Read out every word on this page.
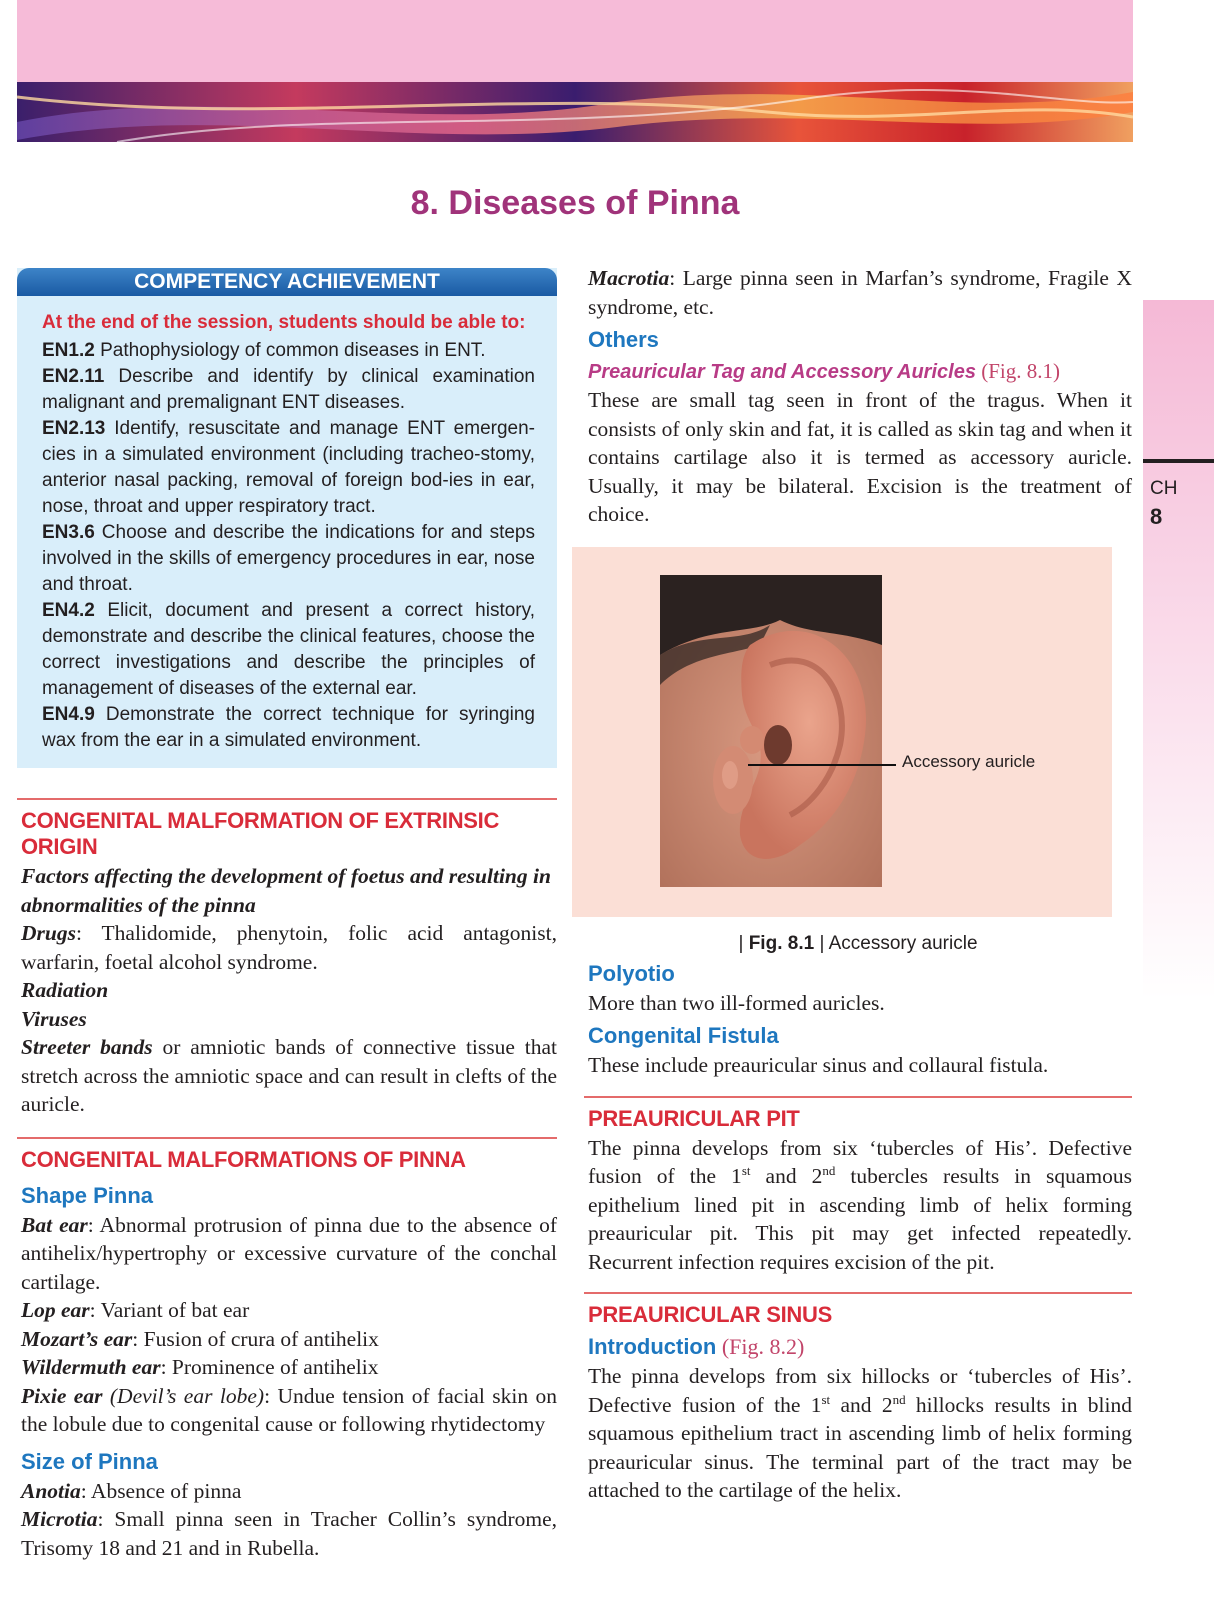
CH
8
8. Diseases of Pinna
COMPETENCY ACHIEVEMENT
At the end of the session, students should be able to:
EN1.2 Pathophysiology of common diseases in ENT.
EN2.11 Describe and identify by clinical examination malignant and premalignant ENT diseases.
EN2.13 Identify, resuscitate and manage ENT emergen-cies in a simulated environment (including tracheo-stomy, anterior nasal packing, removal of foreign bod-ies in ear, nose, throat and upper respiratory tract.
EN3.6 Choose and describe the indications for and steps involved in the skills of emergency procedures in ear, nose and throat.
EN4.2 Elicit, document and present a correct history, demonstrate and describe the clinical features, choose the correct investigations and describe the principles of management of diseases of the external ear.
EN4.9 Demonstrate the correct technique for syringing wax from the ear in a simulated environment.
CONGENITAL MALFORMATION OF EXTRINSIC ORIGIN

Factors affecting the development of foetus and resulting in abnormalities of the pinna

Drugs: Thalidomide, phenytoin, folic acid antagonist, warfarin, foetal alcohol syndrome.

Radiation

Viruses

Streeter bands or amniotic bands of connective tissue that stretch across the amniotic space and can result in clefts of the auricle.

CONGENITAL MALFORMATIONS OF PINNA
Shape Pinna

Bat ear: Abnormal protrusion of pinna due to the absence of antihelix/hypertrophy or excessive curvature of the conchal cartilage.

Lop ear: Variant of bat ear

Mozart’s ear: Fusion of crura of antihelix

Wildermuth ear: Prominence of antihelix

Pixie ear (Devil’s ear lobe): Undue tension of facial skin on the lobule due to congenital cause or following rhytidectomy

Size of Pinna

Anotia: Absence of pinna

Microtia: Small pinna seen in Tracher Collin’s syndrome, Trisomy 18 and 21 and in Rubella.

Macrotia: Large pinna seen in Marfan’s syndrome, Fragile X syndrome, etc.

Others
Preauricular Tag and Accessory Auricles (Fig. 8.1)

These are small tag seen in front of the tragus. When it consists of only skin and fat, it is called as skin tag and when it contains cartilage also it is termed as accessory auricle. Usually, it may be bilateral. Excision is the treatment of choice.

Accessory auricle
| Fig. 8.1 | Accessory auricle
Polyotio

More than two ill-formed auricles.

Congenital Fistula

These include preauricular sinus and collaural fistula.

PREAURICULAR PIT

The pinna develops from six ‘tubercles of His’. Defective fusion of the 1st and 2nd tubercles results in squamous epithelium lined pit in ascending limb of helix forming preauricular pit. This pit may get infected repeatedly. Recurrent infection requires excision of the pit.

PREAURICULAR SINUS
Introduction (Fig. 8.2)

The pinna develops from six hillocks or ‘tubercles of His’. Defective fusion of the 1st and 2nd hillocks results in blind squamous epithelium tract in ascending limb of helix forming preauricular sinus. The terminal part of the tract may be attached to the cartilage of the helix.
